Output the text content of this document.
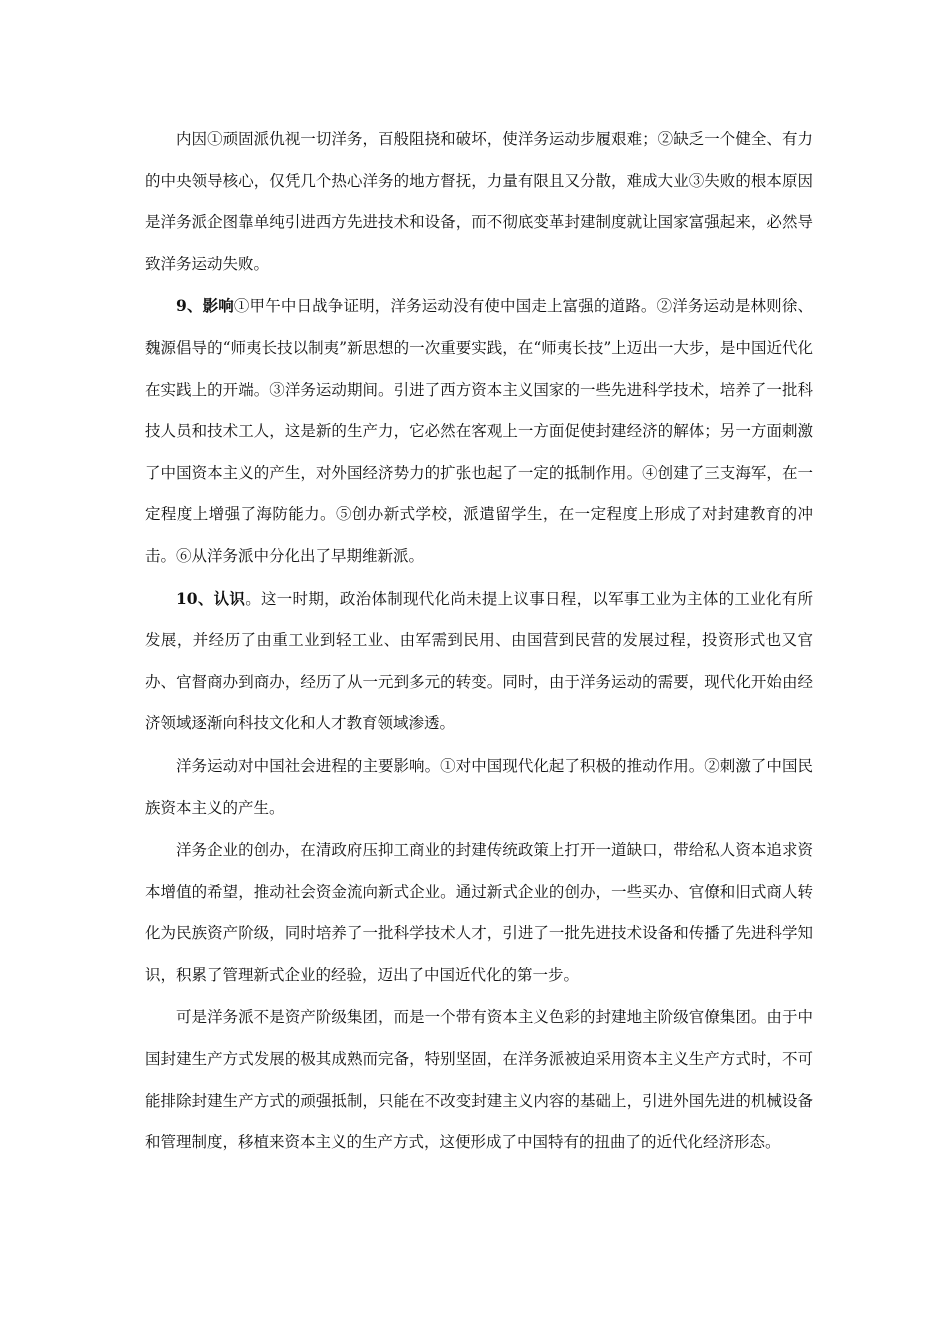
内因①顽固派仇视一切洋务，百般阻挠和破坏，使洋务运动步履艰难；②缺乏一个健全、有力的中央领导核心，仅凭几个热心洋务的地方督抚，力量有限且又分散，难成大业③失败的根本原因是洋务派企图靠单纯引进西方先进技术和设备，而不彻底变革封建制度就让国家富强起来，必然导致洋务运动失败。

9、影响①甲午中日战争证明，洋务运动没有使中国走上富强的道路。②洋务运动是林则徐、魏源倡导的“师夷长技以制夷”新思想的一次重要实践，在“师夷长技”上迈出一大步，是中国近代化在实践上的开端。③洋务运动期间。引进了西方资本主义国家的一些先进科学技术，培养了一批科技人员和技术工人，这是新的生产力，它必然在客观上一方面促使封建经济的解体；另一方面刺激了中国资本主义的产生，对外国经济势力的扩张也起了一定的抵制作用。④创建了三支海军，在一定程度上增强了海防能力。⑤创办新式学校，派遣留学生，在一定程度上形成了对封建教育的冲击。⑥从洋务派中分化出了早期维新派。

10、认识。这一时期，政治体制现代化尚未提上议事日程，以军事工业为主体的工业化有所发展，并经历了由重工业到轻工业、由军需到民用、由国营到民营的发展过程，投资形式也又官办、官督商办到商办，经历了从一元到多元的转变。同时，由于洋务运动的需要，现代化开始由经济领域逐渐向科技文化和人才教育领域渗透。

洋务运动对中国社会进程的主要影响。①对中国现代化起了积极的推动作用。②刺激了中国民族资本主义的产生。

洋务企业的创办，在清政府压抑工商业的封建传统政策上打开一道缺口，带给私人资本追求资本增值的希望，推动社会资金流向新式企业。通过新式企业的创办，一些买办、官僚和旧式商人转化为民族资产阶级，同时培养了一批科学技术人才，引进了一批先进技术设备和传播了先进科学知识，积累了管理新式企业的经验，迈出了中国近代化的第一步。

可是洋务派不是资产阶级集团，而是一个带有资本主义色彩的封建地主阶级官僚集团。由于中国封建生产方式发展的极其成熟而完备，特别坚固，在洋务派被迫采用资本主义生产方式时，不可能排除封建生产方式的顽强抵制，只能在不改变封建主义内容的基础上，引进外国先进的机械设备和管理制度，移植来资本主义的生产方式，这便形成了中国特有的扭曲了的近代化经济形态。
